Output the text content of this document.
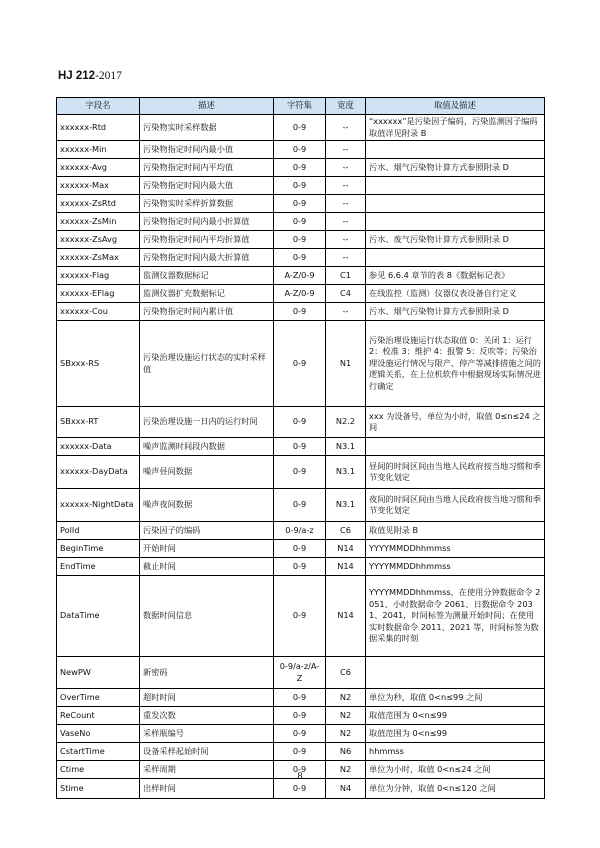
HJ 212-2017
字段名	描述	字符集	宽度	取值及描述
xxxxxx-Rtd	污染物实时采样数据	0-9	--	“xxxxxx”是污染因子编码，污染监测因子编码取值详见附录 B
xxxxxx-Min	污染物指定时间内最小值	0-9	--	
xxxxxx-Avg	污染物指定时间内平均值	0-9	--	污水、烟气污染物计算方式参照附录 D
xxxxxx-Max	污染物指定时间内最大值	0-9	--	
xxxxxx-ZsRtd	污染物实时采样折算数据	0-9	--	
xxxxxx-ZsMin	污染物指定时间内最小折算值	0-9	--	
xxxxxx-ZsAvg	污染物指定时间内平均折算值	0-9	--	污水、废气污染物计算方式参照附录 D
xxxxxx-ZsMax	污染物指定时间内最大折算值	0-9	--	
xxxxxx-Flag	监测仪器数据标记	A-Z/0-9	C1	参见 6.6.4 章节的表 8《数据标记表》
xxxxxx-EFlag	监测仪器扩充数据标记	A-Z/0-9	C4	在线监控（监测）仪器仪表设备自行定义
xxxxxx-Cou	污染物指定时间内累计值	0-9	--	污水、烟气污染物计算方式参照附录 D
SBxxx-RS	污染治理设施运行状态的实时采样值	0-9	N1	污染治理设施运行状态取值 0：关闭 1：运行 2：校准 3：维护 4：报警 5：反吹等；污染治理设施运行情况与限产、停产等减排措施之间的逻辑关系，在上位机软件中根据现场实际情况进行确定
SBxxx-RT	污染治理设施一日内的运行时间	0-9	N2.2	xxx 为设备号，单位为小时，取值 0≤n≤24 之间
xxxxxx-Data	噪声监测时间段内数据	0-9	N3.1	
xxxxxx-DayData	噪声昼间数据	0-9	N3.1	昼间的时间区间由当地人民政府按当地习惯和季节变化划定
xxxxxx-NightData	噪声夜间数据	0-9	N3.1	夜间的时间区间由当地人民政府按当地习惯和季节变化划定
PolId	污染因子的编码	0-9/a-z	C6	取值见附录 B
BeginTime	开始时间	0-9	N14	YYYYMMDDhhmmss
EndTime	截止时间	0-9	N14	YYYYMMDDhhmmss
DataTime	数据时间信息	0-9	N14	YYYYMMDDhhmmss，在使用分钟数据命令 2051、小时数据命令 2061、日数据命令 2031、2041，时间标签为测量开始时间；在使用实时数据命令 2011、2021 等，时间标签为数据采集的时刻
NewPW	新密码	0-9/a-z/A-Z	C6	
OverTime	超时时间	0-9	N2	单位为秒，取值 0<n≤99 之间
ReCount	重发次数	0-9	N2	取值范围为 0<n≤99
VaseNo	采样瓶编号	0-9	N2	取值范围为 0<n≤99
CstartTime	设备采样起始时间	0-9	N6	hhmmss
Ctime	采样周期	0-9	N2	单位为小时，取值 0<n≤24 之间
Stime	出样时间	0-9	N4	单位为分钟，取值 0<n≤120 之间
8
